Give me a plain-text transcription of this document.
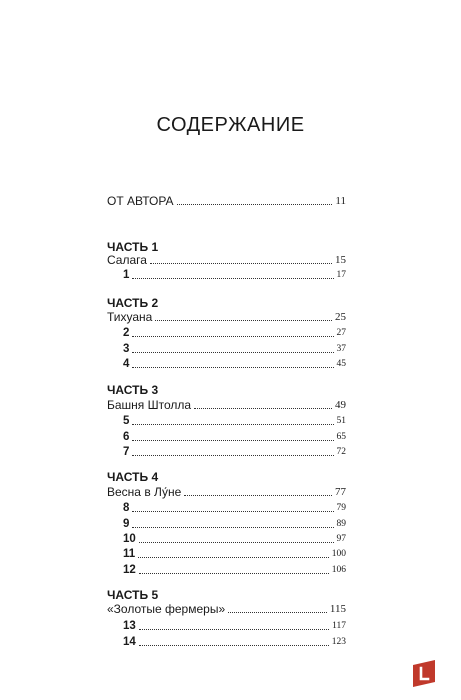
СОДЕРЖАНИЕ
ОТ АВТОРА	11
ЧАСТЬ 1
Салага	15
1	17
ЧАСТЬ 2
Тихуана	25
2	27
3	37
4	45
ЧАСТЬ 3
Башня Штолла	49
5	51
6	65
7	72
ЧАСТЬ 4
Весна в Лу́не	77
8	79
9	89
10	97
11	100
12	106
ЧАСТЬ 5
«Золотые фермеры»	115
13	117
14	123
